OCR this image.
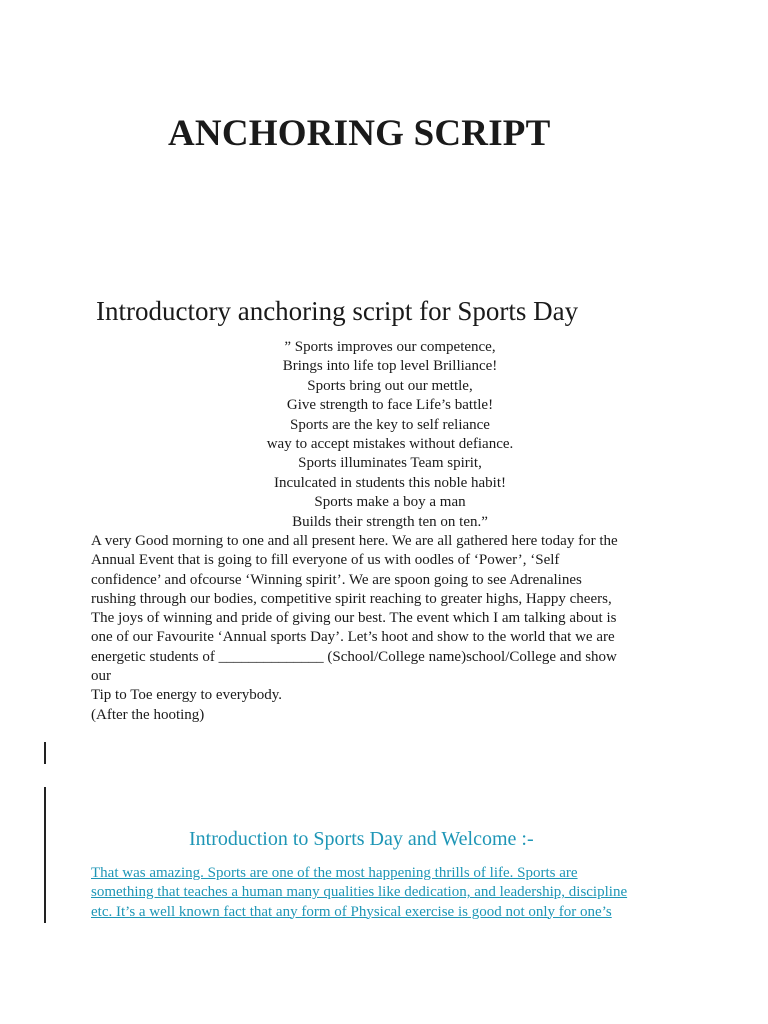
ANCHORING SCRIPT
Introductory anchoring script for Sports Day
” Sports improves our competence,
Brings into life top level Brilliance!
Sports bring out our mettle,
Give strength to face Life’s battle!
Sports are the key to self reliance
way to accept mistakes without defiance.
Sports illuminates Team spirit,
Inculcated in students this noble habit!
Sports make a boy a man
Builds their strength ten on ten.”
A very Good morning to one and all present here. We are all gathered here today for the
Annual Event that is going to fill everyone of us with oodles of ‘Power’, ‘Self
confidence’ and ofcourse ‘Winning spirit’. We are spoon going to see Adrenalines
rushing through our bodies, competitive spirit reaching to greater highs, Happy cheers,
The joys of winning and pride of giving our best. The event which I am talking about is
one of our Favourite ‘Annual sports Day’. Let’s hoot and show to the world that we are
energetic students of ______________ (School/College name)school/College and show
our
Tip to Toe energy to everybody.
(After the hooting)
Introduction to Sports Day and Welcome :-
That was amazing. Sports are one of the most happening thrills of life. Sports are
something that teaches a human many qualities like dedication, and leadership, discipline
etc. It’s a well known fact that any form of Physical exercise is good not only for one’s
